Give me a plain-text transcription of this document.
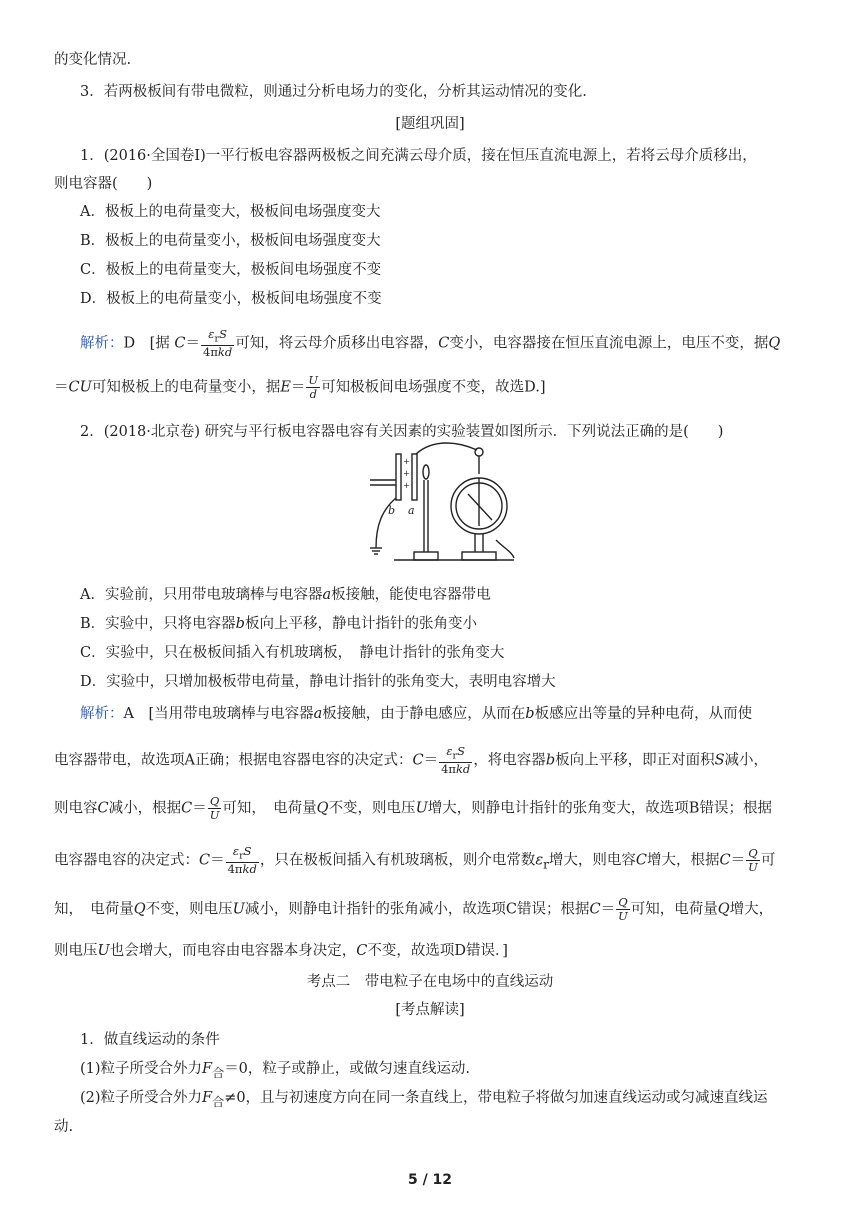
的变化情况.
3．若两极板间有带电微粒，则通过分析电场力的变化，分析其运动情况的变化.
[题组巩固]
1．(2016·全国卷Ⅰ)一平行板电容器两极板之间充满云母介质，接在恒压直流电源上，若将云母介质移出，
则电容器(　　)
A．极板上的电荷量变大，极板间电场强度变大
B．极板上的电荷量变小，极板间电场强度变大
C．极板上的电荷量变大，极板间电场强度不变
D．极板上的电荷量变小，极板间电场强度不变
解析：D　[据 $C= \frac{\varepsilon_rS}{\text{4πkd}}$ 可知，将云母介质移出电容器，C变小，电容器接在恒压直流电源上，电压不变，据Q
＝CU可知极板上的电荷量变小，据$E= \frac{U}{d}$ 可知极板间电场强度不变，故选D.]
2．(2018·北京卷) 研究与平行板电容器电容有关因素的实验装置如图所示．下列说法正确的是(　　)
+
+
+
b a
A．实验前，只用带电玻璃棒与电容器a板接触，能使电容器带电
B．实验中，只将电容器b板向上平移，静电计指针的张角变小
C．实验中，只在极板间插入有机玻璃板，　静电计指针的张角变大
D．实验中，只增加极板带电荷量，静电计指针的张角变大，表明电容增大
解析：A　[当用带电玻璃棒与电容器a板接触，由于静电感应，从而在b板感应出等量的异种电荷，从而使
电容器带电，故选项A正确；根据电容器电容的决定式：$C= \frac{\varepsilon_rS}{\text{4πkd}}$ ，将电容器b板向上平移，即正对面积S减小，
则电容C减小，根据$C= \frac{Q}{U}$ 可知，　电荷量Q不变，则电压U增大，则静电计指针的张角变大，故选项B错误；根据
电容器电容的决定式：$C= \frac{\varepsilon_rS}{\text{4πkd}}$ ，只在极板间插入有机玻璃板，则介电常数$\varepsilon_r$增大，则电容C增大，根据$C= \frac{Q}{U}$ 可
知，　电荷量Q不变，则电压U减小，则静电计指针的张角减小，故选项C错误；根据$C= \frac{Q}{U}$ 可知，电荷量Q增大，
则电压U也会增大，而电容由电容器本身决定，C不变，故选项D错误．]
考点二　带电粒子在电场中的直线运动
[考点解读]
1．做直线运动的条件
(1)粒子所受合外力$F_合=0$，粒子或静止，或做匀速直线运动.
(2)粒子所受合外力$F_合\ne 0$，且与初速度方向在同一条直线上，带电粒子将做匀加速直线运动或匀减速直线运
动.
5 / 12
